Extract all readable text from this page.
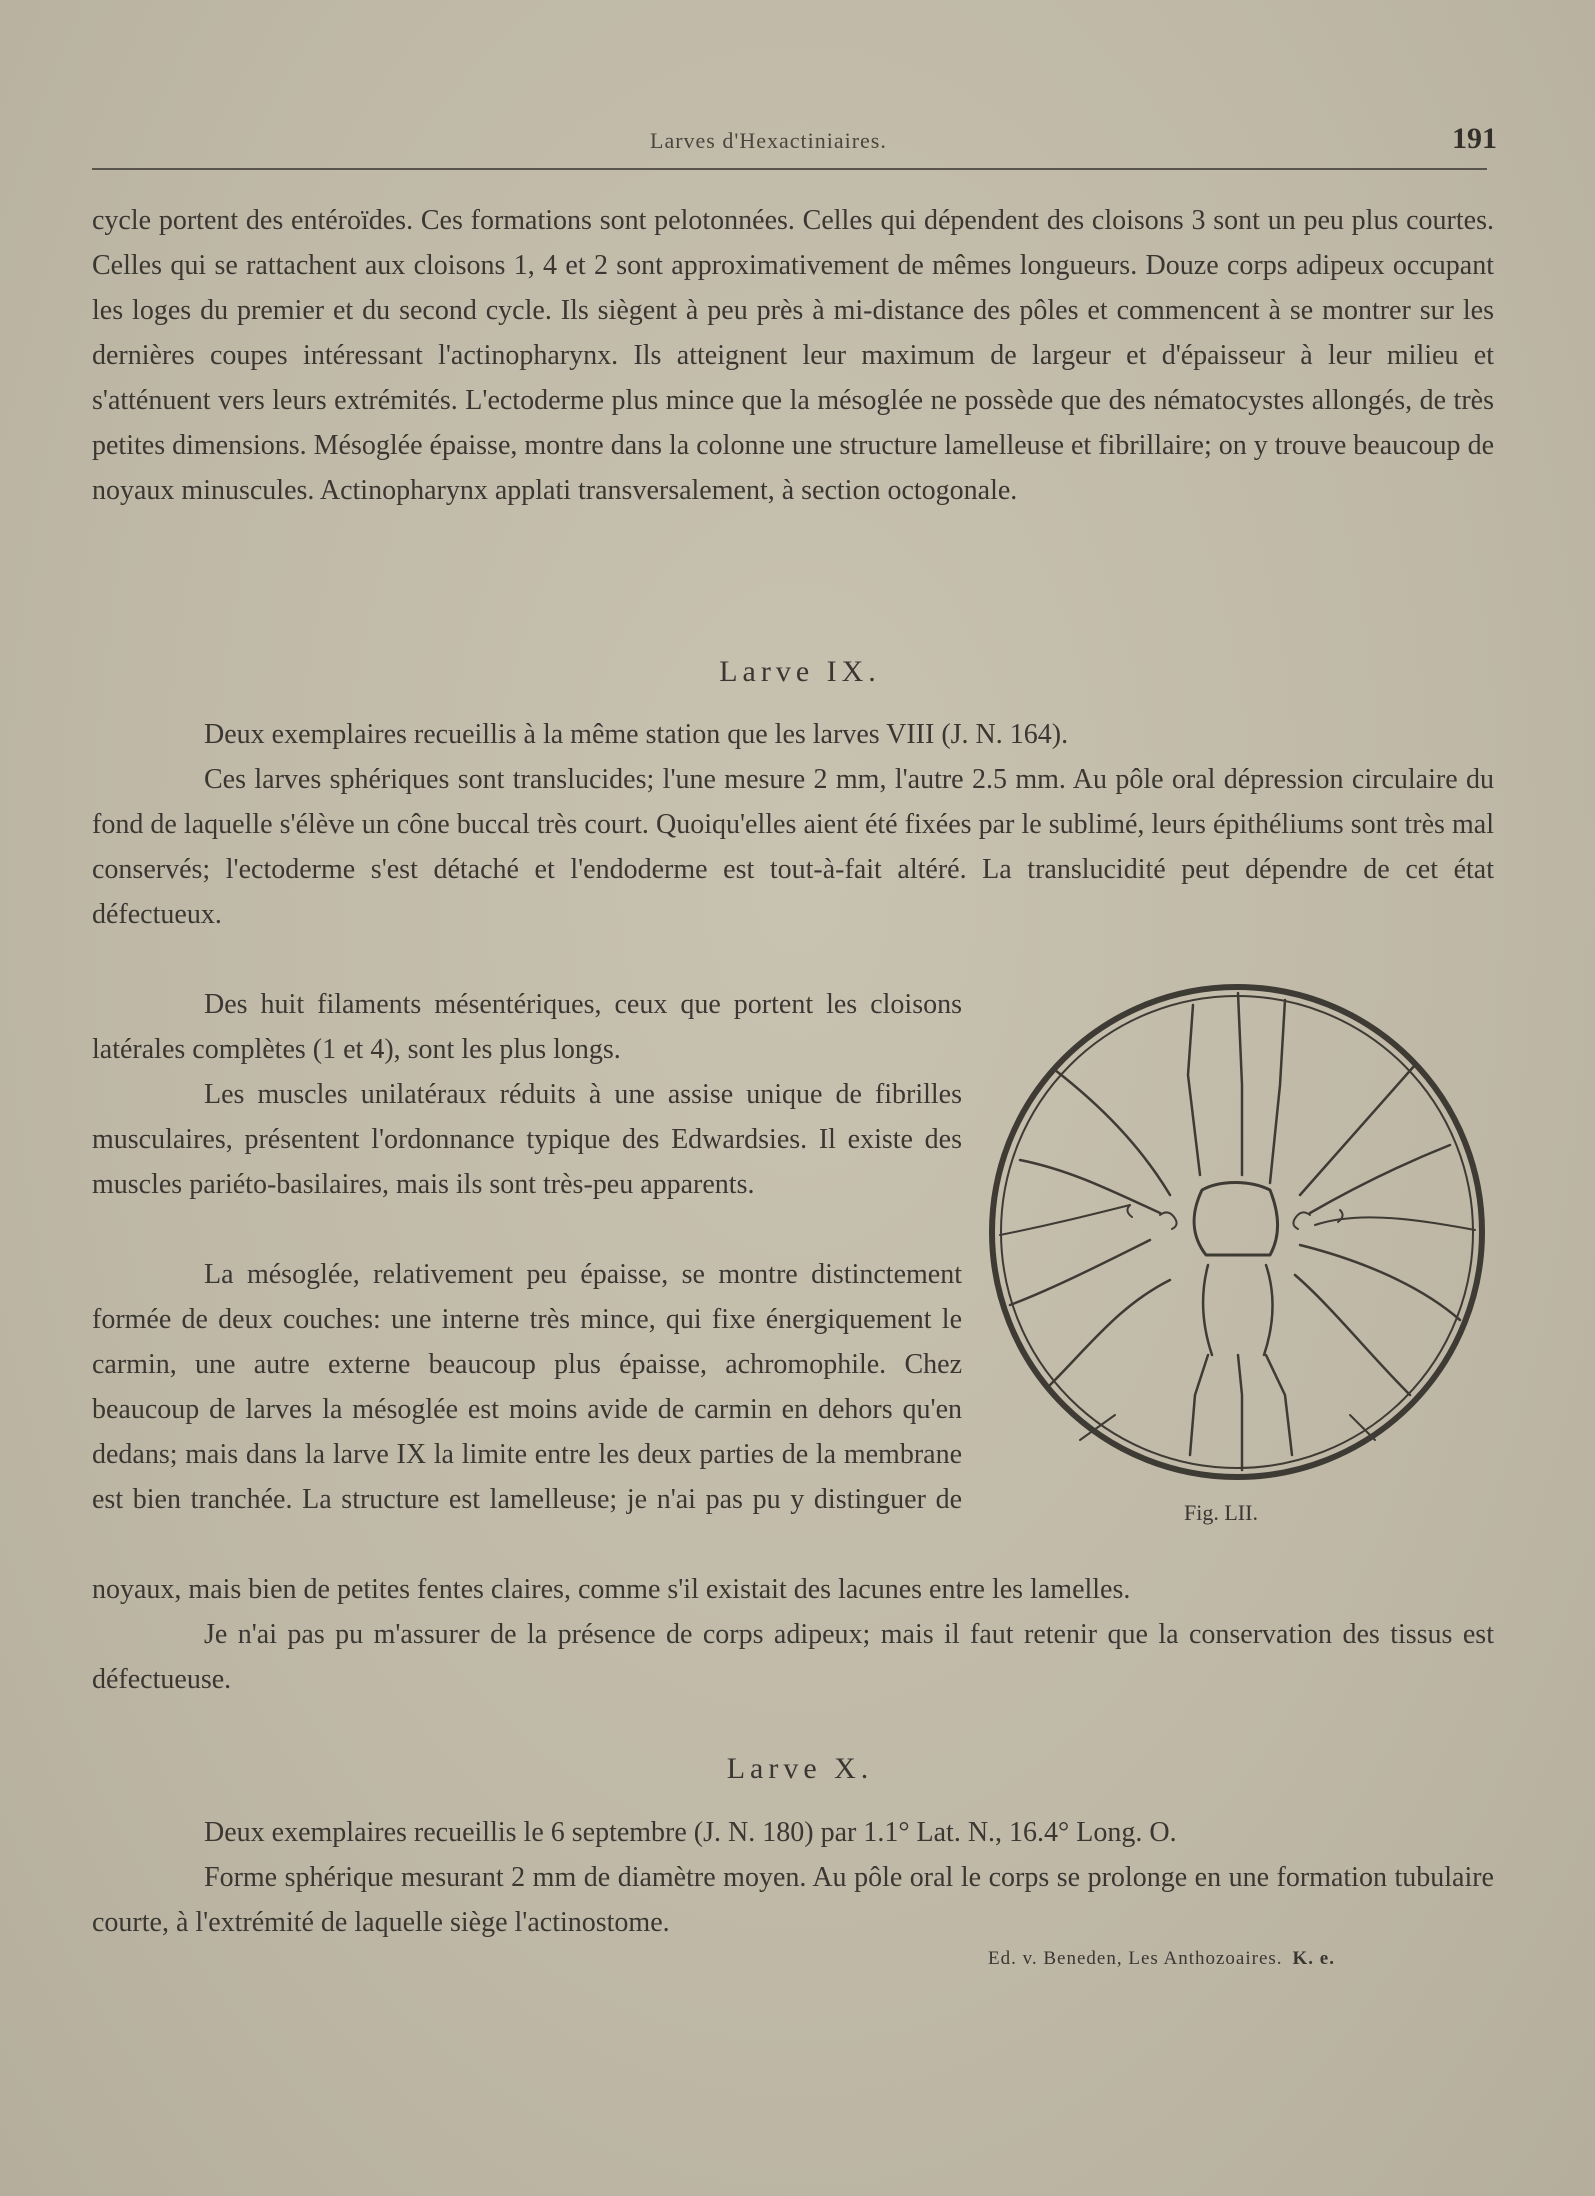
Larves d'Hexactiniaires.	191
cycle portent des entéroïdes. Ces formations sont pelotonnées. Celles qui dépendent des cloisons 3 sont un peu plus courtes. Celles qui se rattachent aux cloisons 1, 4 et 2 sont approximativement de mêmes longueurs. Douze corps adipeux occupant les loges du premier et du second cycle. Ils siègent à peu près à mi-distance des pôles et commencent à se montrer sur les dernières coupes intéressant l'actinopharynx. Ils atteignent leur maximum de largeur et d'épaisseur à leur milieu et s'atténuent vers leurs extrémités. L'ectoderme plus mince que la mésoglée ne possède que des nématocystes allongés, de très petites dimensions. Mésoglée épaisse, montre dans la colonne une structure lamelleuse et fibrillaire; on y trouve beaucoup de noyaux minuscules. Actinopharynx applati transversalement, à section octogonale.
Larve IX.
Deux exemplaires recueillis à la même station que les larves VIII (J. N. 164).
Ces larves sphériques sont translucides; l'une mesure 2 mm, l'autre 2.5 mm. Au pôle oral dépression circulaire du fond de laquelle s'élève un cône buccal très court. Quoiqu'elles aient été fixées par le sublimé, leurs épithéliums sont très mal conservés; l'ectoderme s'est détaché et l'endoderme est tout-à-fait altéré. La translucidité peut dépendre de cet état défectueux.
Des huit filaments mésentériques, ceux que portent les cloisons latérales complètes (1 et 4), sont les plus longs.
Les muscles unilatéraux réduits à une assise unique de fibrilles musculaires, présentent l'ordonnance typique des Edwardsies. Il existe des muscles pariéto-basilaires, mais ils sont très-peu apparents.
La mésoglée, relativement peu épaisse, se montre distinctement formée de deux couches: une interne très mince, qui fixe énergiquement le carmin, une autre externe beaucoup plus épaisse, achromophile. Chez beaucoup de larves la mésoglée est moins avide de carmin en dehors qu'en dedans; mais dans la larve IX la limite entre les deux parties de la membrane est bien tranchée. La structure est lamelleuse; je n'ai pas pu y distinguer de
noyaux, mais bien de petites fentes claires, comme s'il existait des lacunes entre les lamelles.
Je n'ai pas pu m'assurer de la présence de corps adipeux; mais il faut retenir que la conservation des tissus est défectueuse.
Larve X.
Deux exemplaires recueillis le 6 septembre (J. N. 180) par 1.1° Lat. N., 16.4° Long. O.
Forme sphérique mesurant 2 mm de diamètre moyen. Au pôle oral le corps se prolonge en une formation tubulaire courte, à l'extrémité de laquelle siège l'actinostome.
Fig. LII.
Ed. v. Beneden, Les Anthozoaires. K. e.
